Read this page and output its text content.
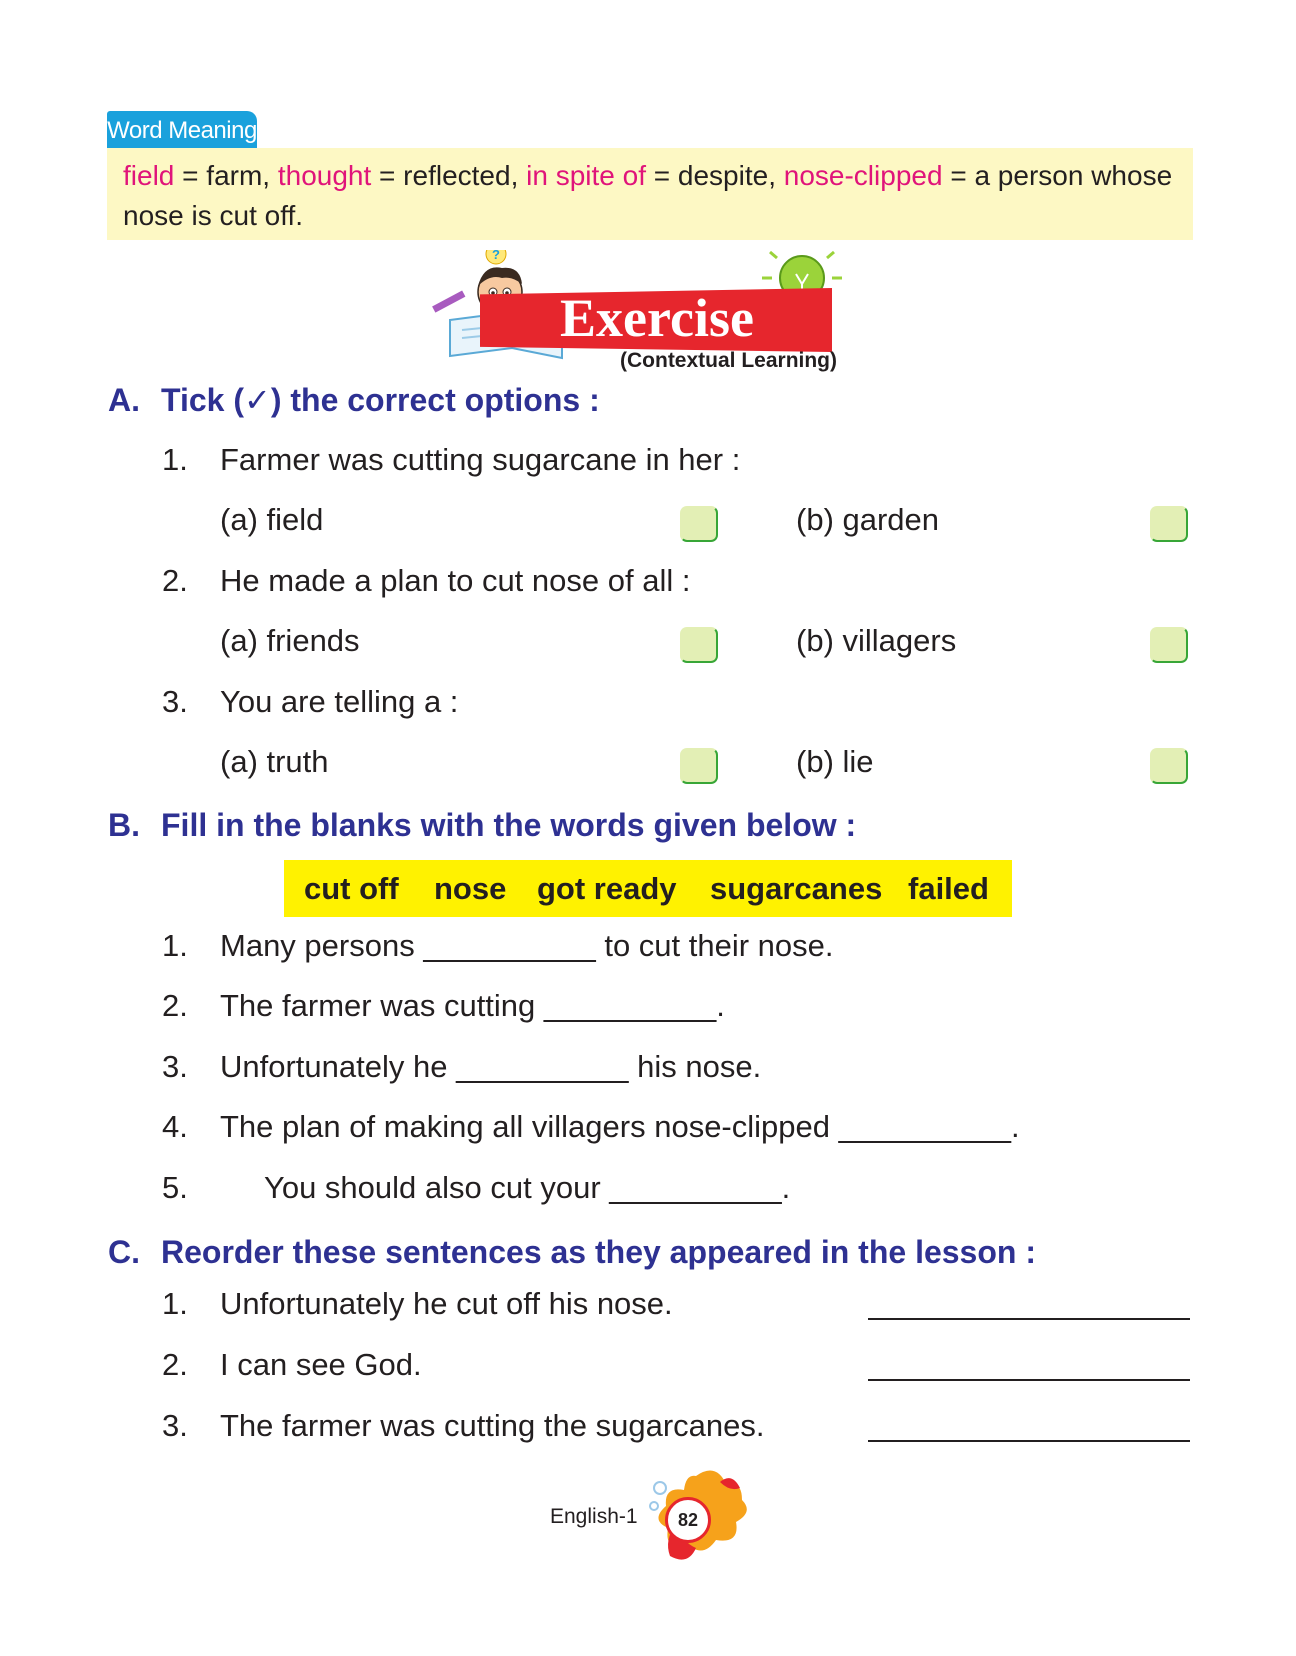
Word Meaning
field = farm, thought = reflected, in spite of = despite, nose-clipped = a person whose nose is cut off.
?
Exercise
(Contextual Learning)
A. Tick (✓) the correct options :
1. Farmer was cutting sugarcane in her :
(a) field	(b) garden
2. He made a plan to cut nose of all :
(a) friends	(b) villagers
3. You are telling a :
(a) truth	(b) lie
B. Fill in the blanks with the words given below :
cut off nose got ready sugarcanes failed
1. Many persons __________ to cut their nose.
2. The farmer was cutting __________.
3. Unfortunately he __________ his nose.
4. The plan of making all villagers nose-clipped __________.
5. You should also cut your __________.
C. Reorder these sentences as they appeared in the lesson :
1. Unfortunately he cut off his nose.
2. I can see God.
3. The farmer was cutting the sugarcanes.
English-1	82
